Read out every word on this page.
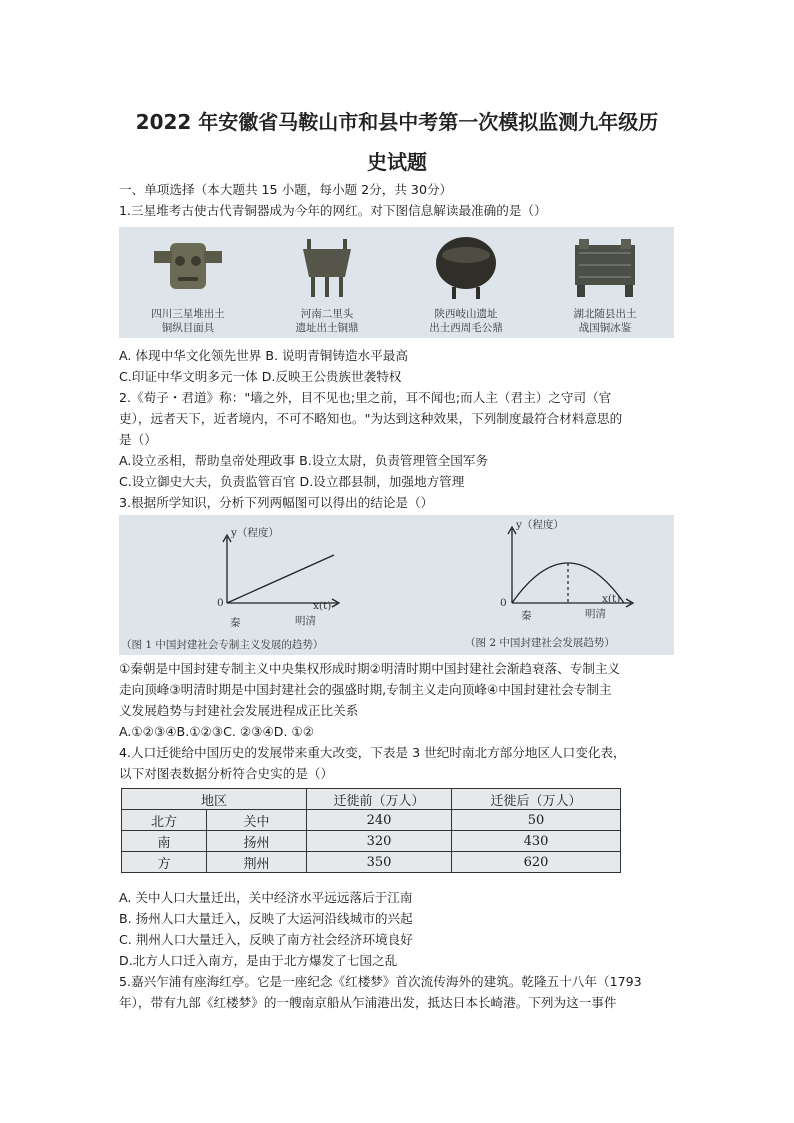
2022 年安徽省马鞍山市和县中考第一次模拟监测九年级历
史试题
一、单项选择（本大题共 15 小题，每小题 2分，共 30分）
1.三星堆考古使古代青铜器成为今年的网红。对下图信息解读最准确的是（）
四川三星堆出土
铜纵目面具
河南二里头
遗址出土铜鼎
陕西岐山遗址
出土西周毛公鼎
湖北随县出土
战国铜冰鉴
A. 体现中华文化领先世界 B. 说明青铜铸造水平最高
C.印证中华文明多元一体 D.反映王公贵族世袭特权
2.《荀子・君道》称："墙之外，目不见也;里之前，耳不闻也;而人主（君主）之守司（官
吏），远者天下，近者境内，不可不略知也。"为达到这种效果，下列制度最符合材料意思的
是（）
A.设立丞相，帮助皇帝处理政事 B.设立太尉，负责管理管全国军务
C.设立御史大夫，负责监管百官 D.设立郡县制，加强地方管理
3.根据所学知识，分析下列两幅图可以得出的结论是（）
y（程度）
0	x(t)
秦	明清
（图 1 中国封建社会专制主义发展的趋势）
y（程度）
0	x(t)
秦	明清
（图 2 中国封建社会发展趋势）
①秦朝是中国封建专制主义中央集权形成时期②明清时期中国封建社会渐趋衰落、专制主义
走向顶峰③明清时期是中国封建社会的强盛时期,专制主义走向顶峰④中国封建社会专制主
义发展趋势与封建社会发展进程成正比关系
A.①②③④B.①②③C. ②③④D. ①②
4.人口迁徙给中国历史的发展带来重大改变，下表是 3 世纪时南北方部分地区人口变化表，
以下对图表数据分析符合史实的是（）
地区		迁徙前（万人）	迁徙后（万人）
北方	关中	240	50
南	扬州	320	430
方	荆州	350	620
A. 关中人口大量迁出，关中经济水平远远落后于江南
B. 扬州人口大量迁入，反映了大运河沿线城市的兴起
C. 荆州人口大量迁入，反映了南方社会经济环境良好
D.北方人口迁入南方，是由于北方爆发了七国之乱
5.嘉兴乍浦有座海红亭。它是一座纪念《红楼梦》首次流传海外的建筑。乾隆五十八年（1793
年），带有九部《红楼梦》的一艘南京船从乍浦港出发，抵达日本长崎港。下列为这一事件
